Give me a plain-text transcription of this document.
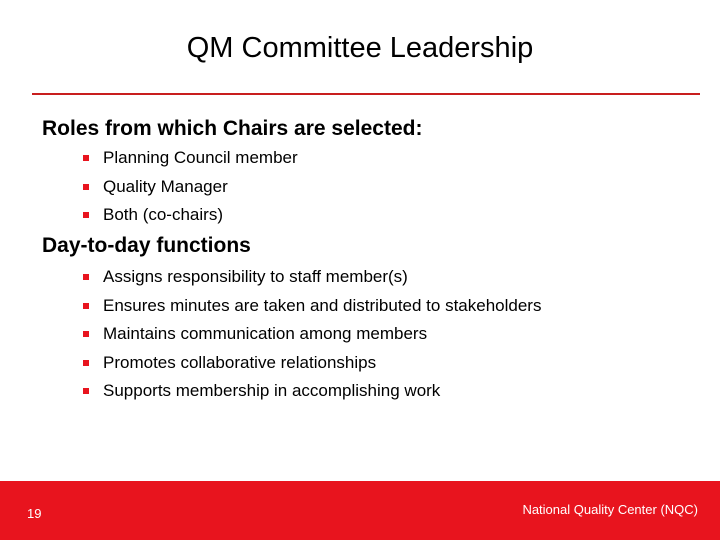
QM Committee Leadership
Roles from which Chairs are selected:
Planning Council member
Quality Manager
Both (co-chairs)
Day-to-day functions
Assigns responsibility to staff member(s)
Ensures minutes are taken and distributed to stakeholders
Maintains communication among members
Promotes collaborative relationships
Supports membership in accomplishing work
19	National Quality Center (NQC)
